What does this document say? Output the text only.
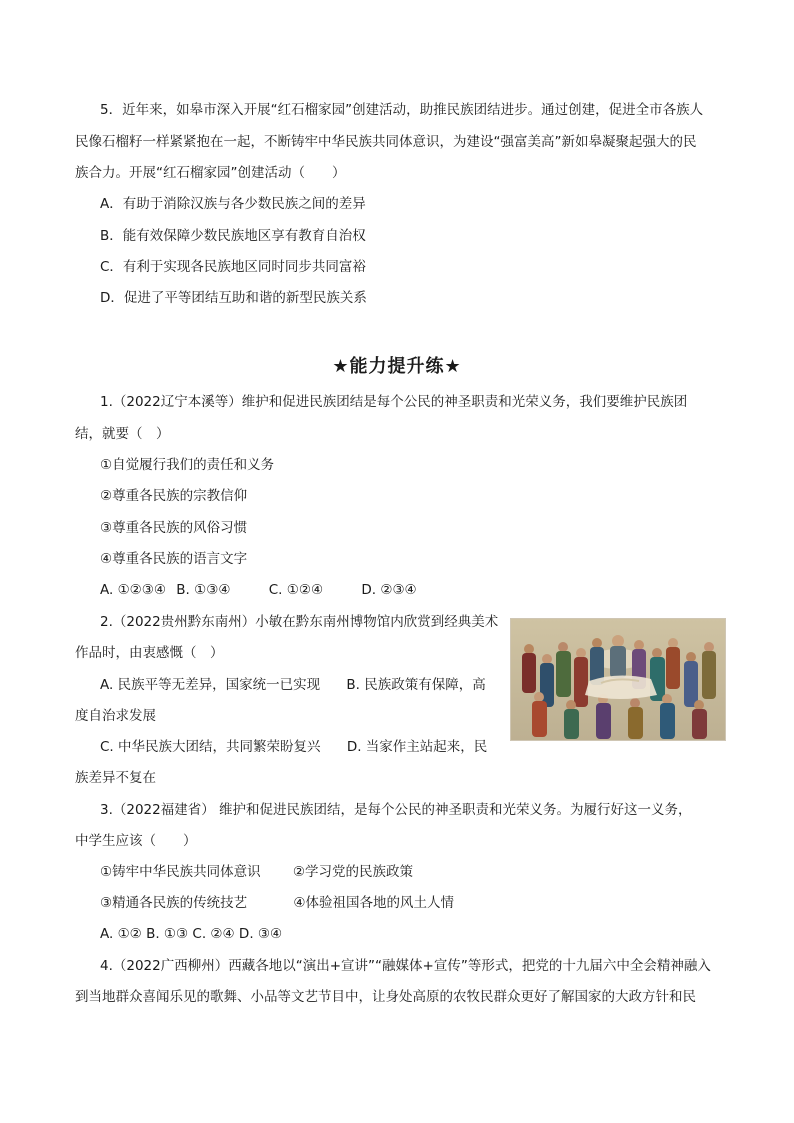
5．近年来，如皋市深入开展“红石榴家园”创建活动，助推民族团结进步。通过创建，促进全市各族人
民像石榴籽一样紧紧抱在一起，不断铸牢中华民族共同体意识，为建设“强富美高”新如皋凝聚起强大的民
族合力。开展“红石榴家园”创建活动（　　）
A．有助于消除汉族与各少数民族之间的差异
B．能有效保障少数民族地区享有教育自治权
C．有利于实现各民族地区同时同步共同富裕
D．促进了平等团结互助和谐的新型民族关系
★能力提升练★
1.（2022辽宁本溪等）维护和促进民族团结是每个公民的神圣职责和光荣义务，我们要维护民族团
结，就要（　）
①自觉履行我们的责任和义务
②尊重各民族的宗教信仰
③尊重各民族的风俗习惯
④尊重各民族的语言文字
A. ①②③④ B. ①③④	C. ①②④	D. ②③④
2.（2022贵州黔东南州）小敏在黔东南州博物馆内欣赏到经典美术
作品时，由衷感慨（　）
A. 民族平等无差异，国家统一已实现 B. 民族政策有保障，高
度自治求发展
C. 中华民族大团结，共同繁荣盼复兴 D. 当家作主站起来，民
族差异不复在
3.（2022福建省） 维护和促进民族团结，是每个公民的神圣职责和光荣义务。为履行好这一义务，
中学生应该（　　）
①铸牢中华民族共同体意识 ②学习党的民族政策
③精通各民族的传统技艺	④体验祖国各地的风土人情
A. ①② B. ①③ C. ②④ D. ③④
4.（2022广西柳州）西藏各地以“演出+宣讲”“融媒体+宣传”等形式，把党的十九届六中全会精神融入
到当地群众喜闻乐见的歌舞、小品等文艺节目中，让身处高原的农牧民群众更好了解国家的大政方针和民
